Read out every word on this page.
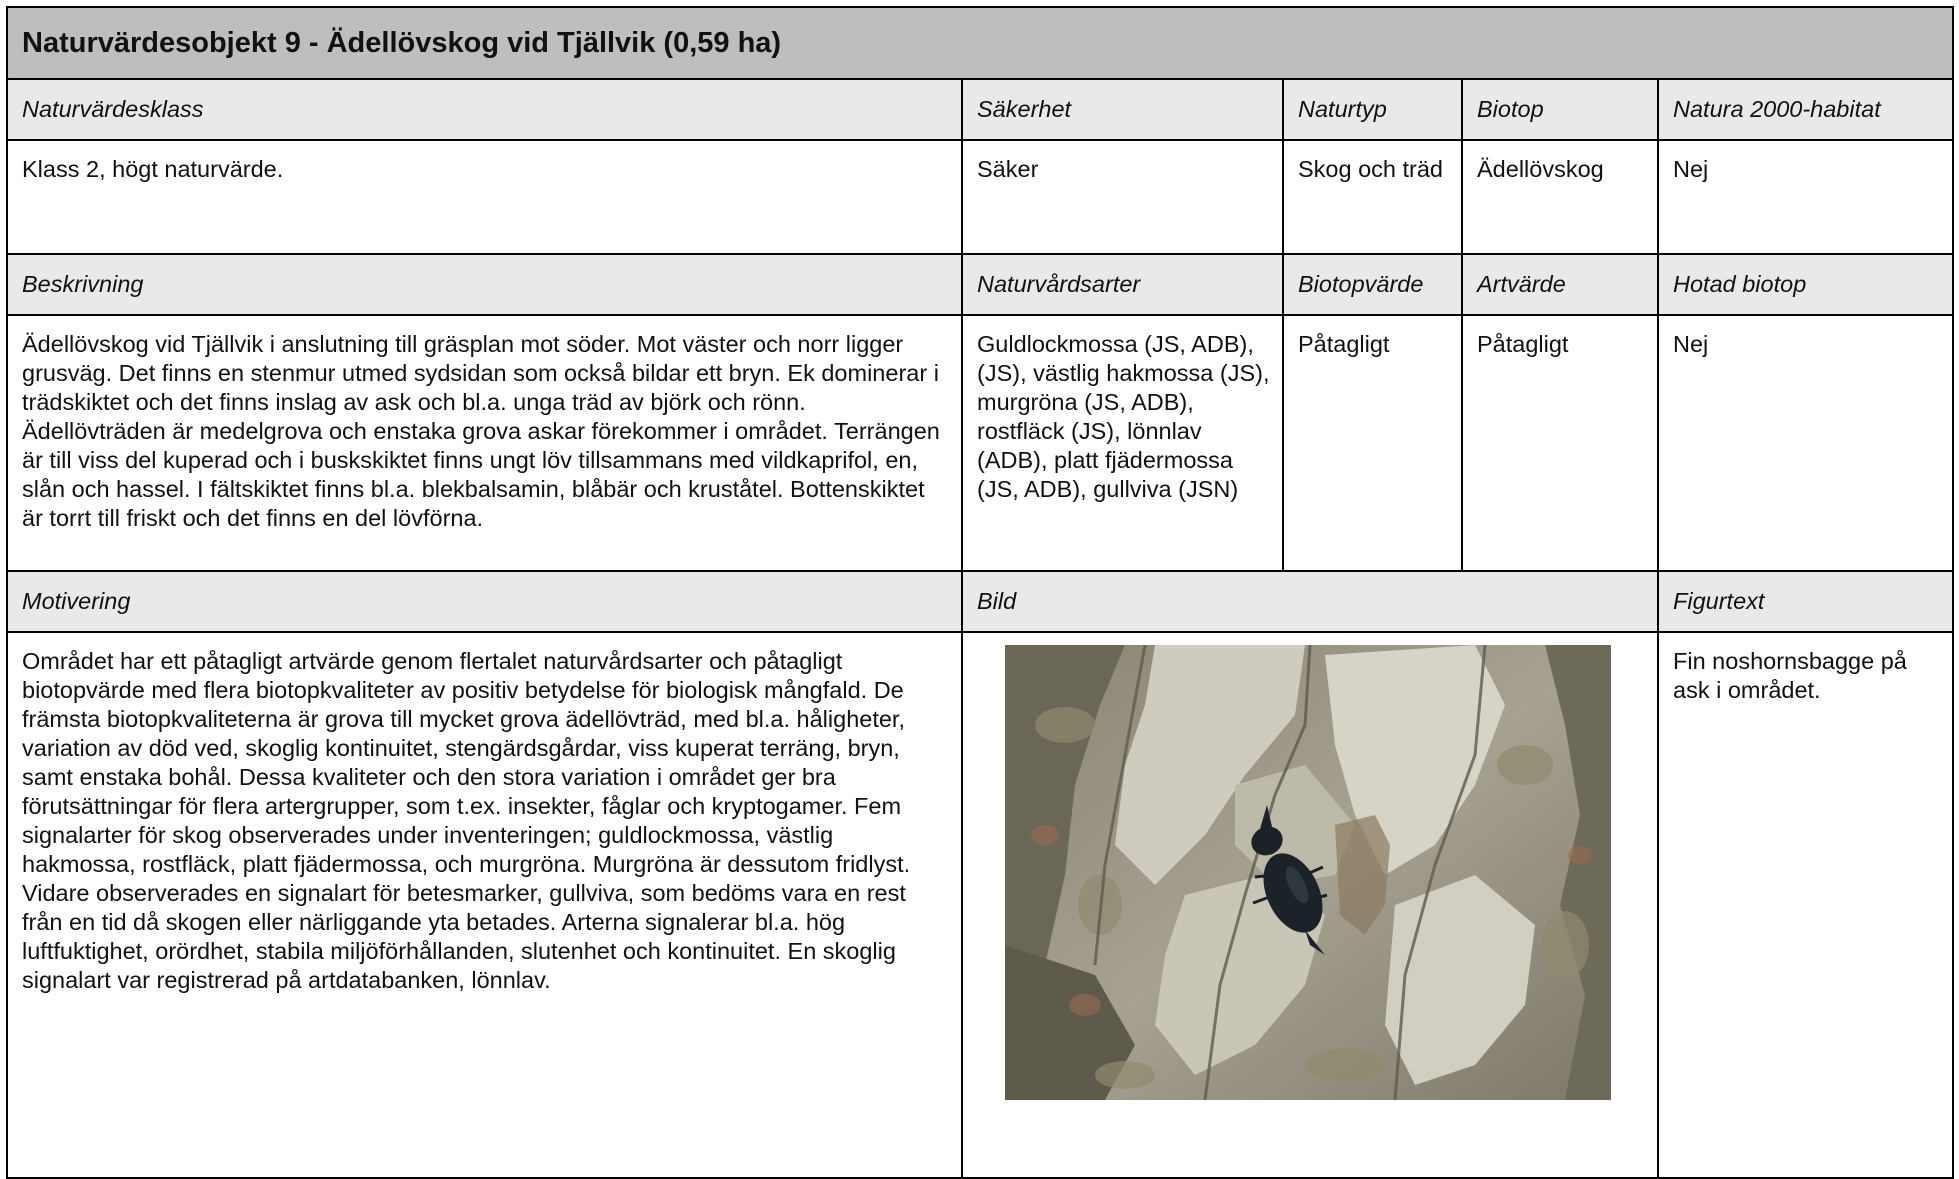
Naturvärdesobjekt 9 - Ädellövskog vid Tjällvik (0,59 ha)				
Naturvärdesklass	Säkerhet	Naturtyp	Biotop	Natura 2000-habitat
Klass 2, högt naturvärde.	Säker	Skog och träd	Ädellövskog	Nej
Beskrivning	Naturvårdsarter	Biotopvärde	Artvärde	Hotad biotop
Ädellövskog vid Tjällvik i anslutning till gräsplan mot söder. Mot väster och norr ligger grusväg. Det finns en stenmur utmed sydsidan som också bildar ett bryn. Ek dominerar i trädskiktet och det finns inslag av ask och bl.a. unga träd av björk och rönn. Ädellövträden är medelgrova och enstaka grova askar förekommer i området. Terrängen är till viss del kuperad och i buskskiktet finns ungt löv tillsammans med vildkaprifol, en, slån och hassel. I fältskiktet finns bl.a. blekbalsamin, blåbär och kruståtel. Bottenskiktet är torrt till friskt och det finns en del lövförna.	Guldlockmossa (JS, ADB), (JS), västlig hakmossa (JS), murgröna (JS, ADB), rostfläck (JS), lönnlav (ADB), platt fjädermossa (JS, ADB), gullviva (JSN)	Påtagligt	Påtagligt	Nej
Motivering	Bild			Figurtext
Området har ett påtagligt artvärde genom flertalet naturvårdsarter och påtagligt biotopvärde med flera biotopkvaliteter av positiv betydelse för biologisk mångfald. De främsta biotopkvaliteterna är grova till mycket grova ädellövträd, med bl.a. håligheter, variation av död ved, skoglig kontinuitet, stengärdsgårdar, viss kuperat terräng, bryn, samt enstaka bohål. Dessa kvaliteter och den stora variation i området ger bra förutsättningar för flera artergrupper, som t.ex. insekter, fåglar och kryptogamer. Fem signalarter för skog observerades under inventeringen; guldlockmossa, västlig hakmossa, rostfläck, platt fjädermossa, och murgröna. Murgröna är dessutom fridlyst. Vidare observerades en signalart för betesmarker, gullviva, som bedöms vara en rest från en tid då skogen eller närliggande yta betades. Arterna signalerar bl.a. hög luftfuktighet, orördhet, stabila miljöförhållanden, slutenhet och kontinuitet. En skoglig signalart var registrerad på artdatabanken, lönnlav.				Fin noshornsbagge på ask i området.
